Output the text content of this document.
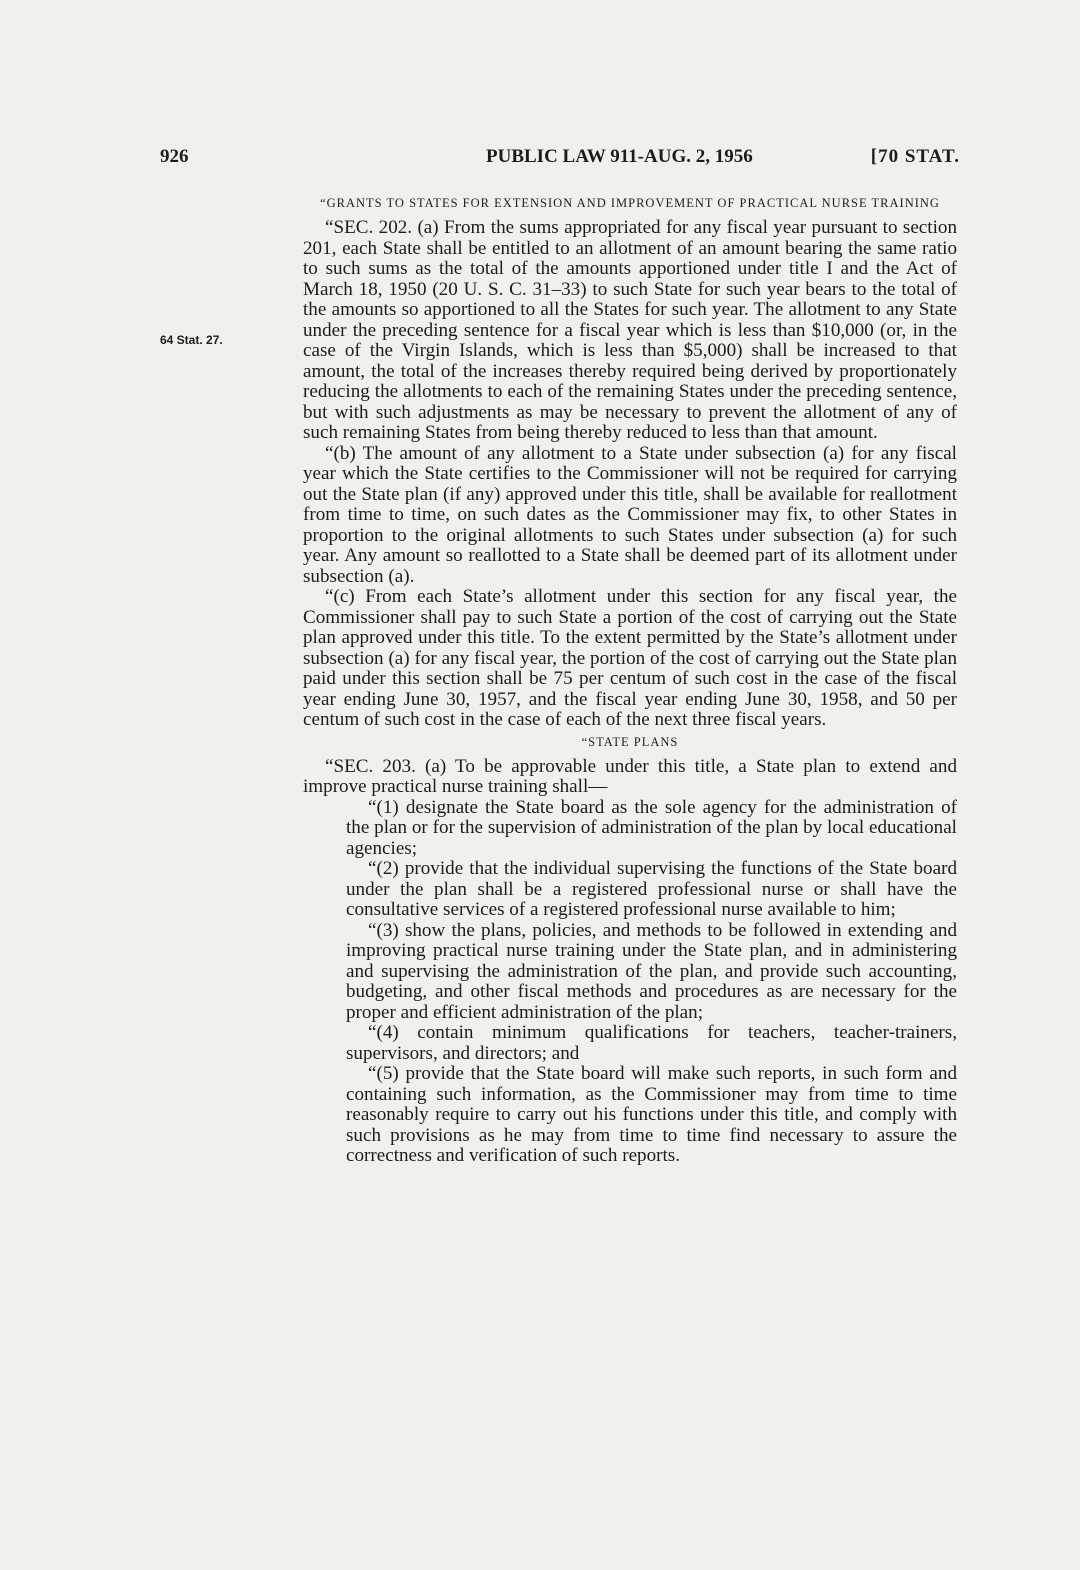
926	PUBLIC LAW 911-AUG. 2, 1956	[70 STAT.
64 Stat. 27.

“GRANTS TO STATES FOR EXTENSION AND IMPROVEMENT OF PRACTICAL NURSE TRAINING

“SEC. 202. (a) From the sums appropriated for any fiscal year pursuant to section 201, each State shall be entitled to an allotment of an amount bearing the same ratio to such sums as the total of the amounts apportioned under title I and the Act of March 18, 1950 (20 U. S. C. 31–33) to such State for such year bears to the total of the amounts so apportioned to all the States for such year. The allotment to any State under the preceding sentence for a fiscal year which is less than $10,000 (or, in the case of the Virgin Islands, which is less than $5,000) shall be increased to that amount, the total of the increases thereby required being derived by proportionately reducing the allotments to each of the remaining States under the preceding sentence, but with such adjustments as may be necessary to prevent the allotment of any of such remaining States from being thereby reduced to less than that amount.

“(b) The amount of any allotment to a State under subsection (a) for any fiscal year which the State certifies to the Commissioner will not be required for carrying out the State plan (if any) approved under this title, shall be available for reallotment from time to time, on such dates as the Commissioner may fix, to other States in proportion to the original allotments to such States under subsection (a) for such year. Any amount so reallotted to a State shall be deemed part of its allotment under subsection (a).

“(c) From each State’s allotment under this section for any fiscal year, the Commissioner shall pay to such State a portion of the cost of carrying out the State plan approved under this title. To the extent permitted by the State’s allotment under subsection (a) for any fiscal year, the portion of the cost of carrying out the State plan paid under this section shall be 75 per centum of such cost in the case of the fiscal year ending June 30, 1957, and the fiscal year ending June 30, 1958, and 50 per centum of such cost in the case of each of the next three fiscal years.

“STATE PLANS

“SEC. 203. (a) To be approvable under this title, a State plan to extend and improve practical nurse training shall—

“(1) designate the State board as the sole agency for the administration of the plan or for the supervision of administration of the plan by local educational agencies;

“(2) provide that the individual supervising the functions of the State board under the plan shall be a registered professional nurse or shall have the consultative services of a registered professional nurse available to him;

“(3) show the plans, policies, and methods to be followed in extending and improving practical nurse training under the State plan, and in administering and supervising the administration of the plan, and provide such accounting, budgeting, and other fiscal methods and procedures as are necessary for the proper and efficient administration of the plan;

“(4) contain minimum qualifications for teachers, teacher-trainers, supervisors, and directors; and

“(5) provide that the State board will make such reports, in such form and containing such information, as the Commissioner may from time to time reasonably require to carry out his functions under this title, and comply with such provisions as he may from time to time find necessary to assure the correctness and verification of such reports.
